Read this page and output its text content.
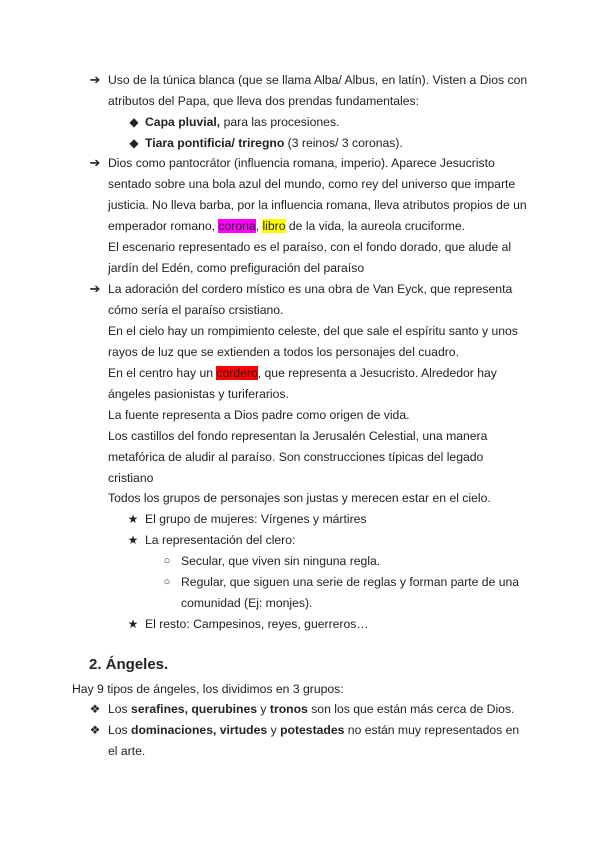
➔ Uso de la túnica blanca (que se llama Alba/ Albus, en latín). Visten a Dios con
atributos del Papa, que lleva dos prendas fundamentales:
◆ Capa pluvial, para las procesiones.
◆ Tiara pontificia/ triregno (3 reinos/ 3 coronas).
➔ Dios como pantocrátor (influencia romana, imperio). Aparece Jesucristo
sentado sobre una bola azul del mundo, como rey del universo que imparte
justicia. No lleva barba, por la influencia romana, lleva atributos propios de un
emperador romano, corona, libro de la vida, la aureola cruciforme.
El escenario representado es el paraíso, con el fondo dorado, que alude al
jardín del Edén, como prefiguración del paraíso
➔ La adoración del cordero místico es una obra de Van Eyck, que representa
cómo sería el paraíso crsistiano.
En el cielo hay un rompimiento celeste, del que sale el espíritu santo y unos
rayos de luz que se extienden a todos los personajes del cuadro.
En el centro hay un cordero, que representa a Jesucristo. Alrededor hay
ángeles pasionistas y turiferarios.
La fuente representa a Dios padre como origen de vida.
Los castillos del fondo representan la Jerusalén Celestial, una manera
metafórica de aludir al paraíso. Son construcciones típicas del legado
cristiano
Todos los grupos de personajes son justas y merecen estar en el cielo.
★ El grupo de mujeres: Vírgenes y mártires
★ La representación del clero:
○ Secular, que viven sin ninguna regla.
○ Regular, que siguen una serie de reglas y forman parte de una
comunidad (Ej: monjes).
★ El resto: Campesinos, reyes, guerreros…
2. Ángeles.
Hay 9 tipos de ángeles, los dividimos en 3 grupos:
❖ Los serafines, querubines y tronos son los que están más cerca de Dios.
❖ Los dominaciones, virtudes y potestades no están muy representados en
el arte.
